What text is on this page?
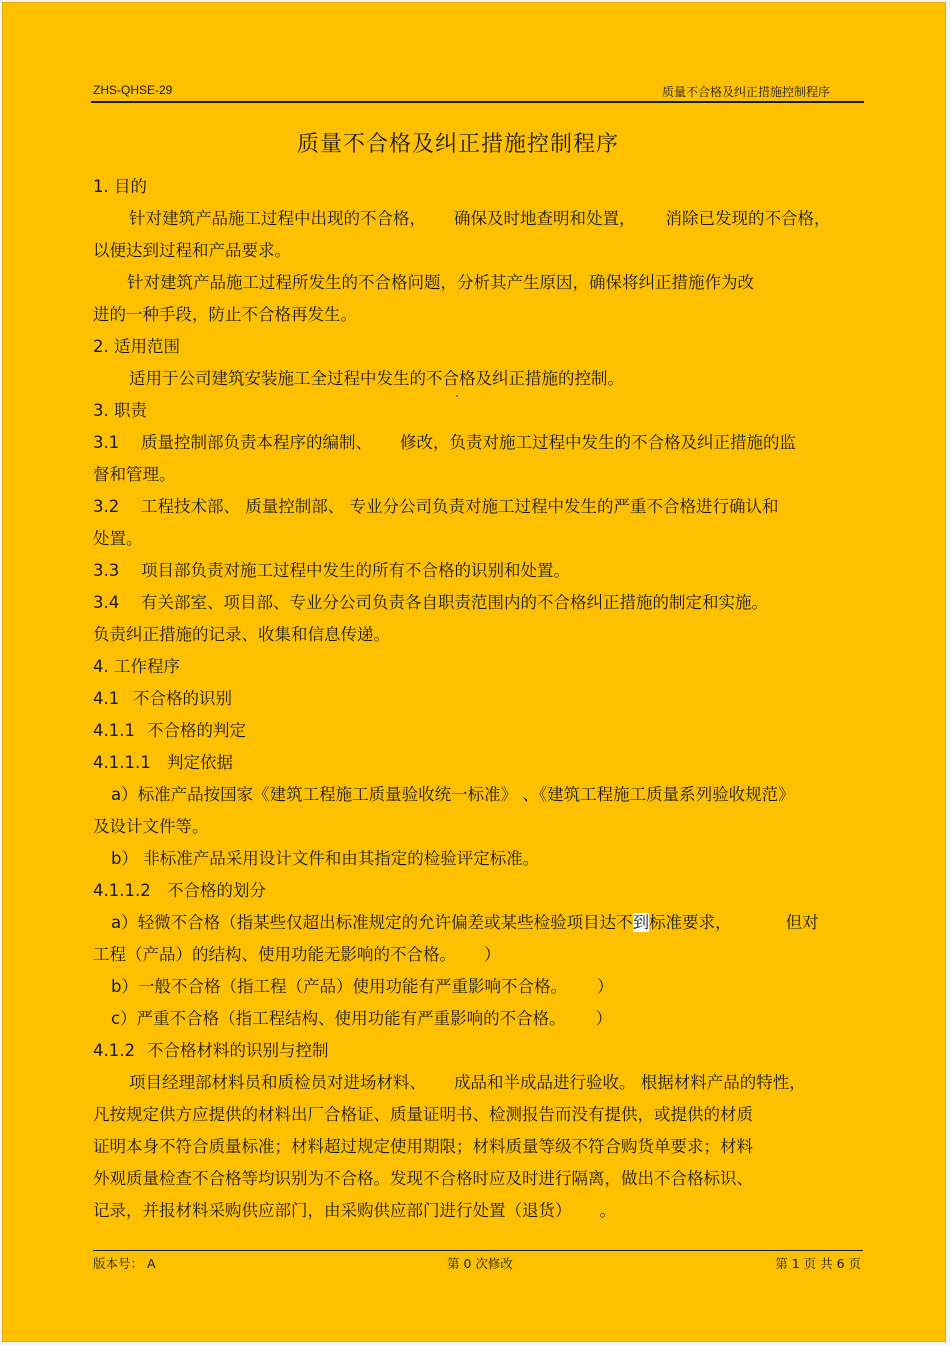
ZHS-QHSE-29	质量不合格及纠正措施控制程序
质量不合格及纠正措施控制程序

1. 目的

针对建筑产品施工过程中出现的不合格， 确保及时地查明和处置， 消除已发现的不合格，

以便达到过程和产品要求。

针对建筑产品施工过程所发生的不合格问题，分析其产生原因，确保将纠正措施作为改

进的一种手段，防止不合格再发生。

2. 适用范围

适用于公司建筑安装施工全过程中发生的不合格及纠正措施的控制。

3. 职责

3.1 质量控制部负责本程序的编制、 修改，负责对施工过程中发生的不合格及纠正措施的监

督和管理。

3.2 工程技术部、 质量控制部、 专业分公司负责对施工过程中发生的严重不合格进行确认和

处置。

3.3 项目部负责对施工过程中发生的所有不合格的识别和处置。

3.4 有关部室、项目部、专业分公司负责各自职责范围内的不合格纠正措施的制定和实施。

负责纠正措施的记录、收集和信息传递。

4. 工作程序

4.1 不合格的识别

4.1.1 不合格的判定

4.1.1.1 判定依据

a）标准产品按国家《建筑工程施工质量验收统一标准》 、《建筑工程施工质量系列验收规范》

及设计文件等。

b） 非标准产品采用设计文件和由其指定的检验评定标准。

4.1.1.2 不合格的划分

a）轻微不合格（指某些仅超出标准规定的允许偏差或某些检验项目达不到标准要求，	但对

工程（产品）的结构、使用功能无影响的不合格。 ）

b）一般不合格（指工程（产品）使用功能有严重影响不合格。 ）

c）严重不合格（指工程结构、使用功能有严重影响的不合格。 ）

4.1.2 不合格材料的识别与控制

项目经理部材料员和质检员对进场材料、 成品和半成品进行验收。 根据材料产品的特性，

凡按规定供方应提供的材料出厂合格证、质量证明书、检测报告而没有提供，或提供的材质

证明本身不符合质量标准；材料超过规定使用期限；材料质量等级不符合购货单要求；材料

外观质量检查不合格等均识别为不合格。发现不合格时应及时进行隔离，做出不合格标识、

记录，并报材料采购供应部门，由采购供应部门进行处置（退货） 。

版本号： A	第 0 次修改	第 1 页 共 6 页
